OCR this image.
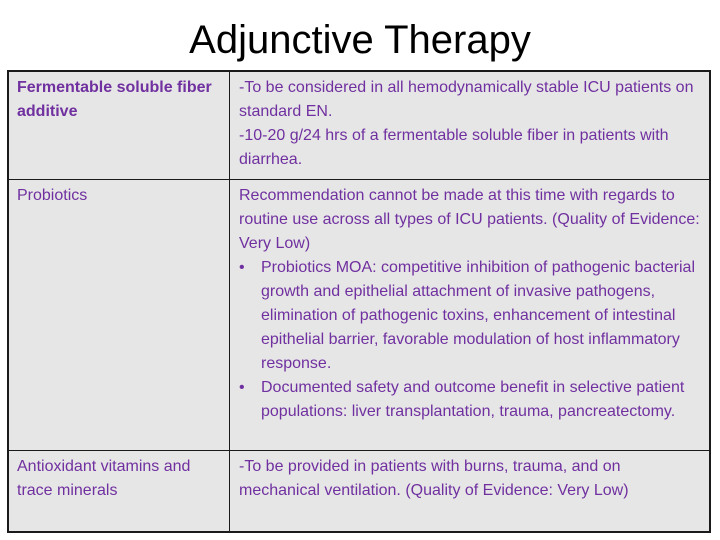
Adjunctive Therapy
Fermentable soluble fiber additive
-To be considered in all hemodynamically stable ICU patients on standard EN.
-10-20 g/24 hrs of a fermentable soluble fiber in patients with diarrhea.
Probiotics	Recommendation cannot be made at this time with regards to routine use across all types of ICU patients. (Quality of Evidence: Very Low)
• Probiotics MOA: competitive inhibition of pathogenic bacterial growth and epithelial attachment of invasive pathogens, elimination of pathogenic toxins, enhancement of intestinal epithelial barrier, favorable modulation of host inflammatory response.
• Documented safety and outcome benefit in selective patient populations: liver transplantation, trauma, pancreatectomy.
Antioxidant vitamins and trace minerals
-To be provided in patients with burns, trauma, and on mechanical ventilation. (Quality of Evidence: Very Low)
